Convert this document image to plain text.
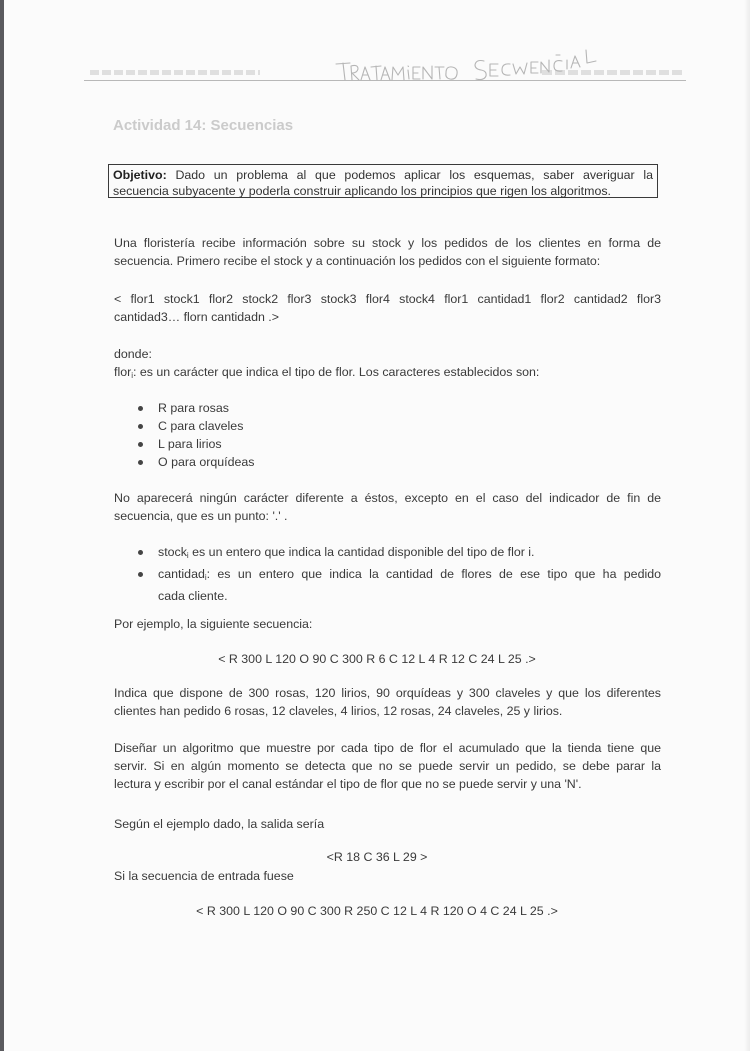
Actividad 14: Secuencias
Objetivo: Dado un problema al que podemos aplicar los esquemas, saber averiguar la
secuencia subyacente y poderla construir aplicando los principios que rigen los algoritmos.
Una floristería recibe información sobre su stock y los pedidos de los clientes en forma de
secuencia. Primero recibe el stock y a continuación los pedidos con el siguiente formato:
< flor1 stock1 flor2 stock2 flor3 stock3 flor4 stock4 flor1 cantidad1 flor2 cantidad2 flor3
cantidad3… florn cantidadn .>
donde:
flori: es un carácter que indica el tipo de flor. Los caracteres establecidos son:
R para rosas
C para claveles
L para lirios
O para orquídeas
No aparecerá ningún carácter diferente a éstos, excepto en el caso del indicador de fin de
secuencia, que es un punto: '.' .
stocki es un entero que indica la cantidad disponible del tipo de flor i.
cantidadi: es un entero que indica la cantidad de flores de ese tipo que ha pedido
cada cliente.
Por ejemplo, la siguiente secuencia:
< R 300 L 120 O 90 C 300 R 6 C 12 L 4 R 12 C 24 L 25 .>
Indica que dispone de 300 rosas, 120 lirios, 90 orquídeas y 300 claveles y que los diferentes
clientes han pedido 6 rosas, 12 claveles, 4 lirios, 12 rosas, 24 claveles, 25 y lirios.
Diseñar un algoritmo que muestre por cada tipo de flor el acumulado que la tienda tiene que
servir. Si en algún momento se detecta que no se puede servir un pedido, se debe parar la
lectura y escribir por el canal estándar el tipo de flor que no se puede servir y una 'N'.
Según el ejemplo dado, la salida sería
<R 18 C 36 L 29 >
Si la secuencia de entrada fuese
< R 300 L 120 O 90 C 300 R 250 C 12 L 4 R 120 O 4 C 24 L 25 .>
